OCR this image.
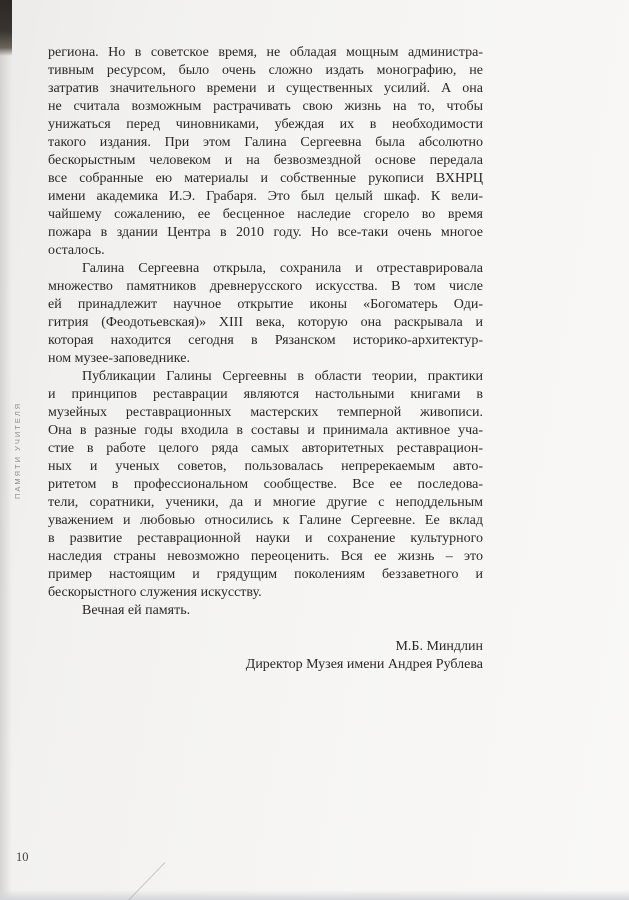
ПАМЯТИ УЧИТЕЛЯ
региона. Но в советское время, не обладая мощным администра-
тивным ресурсом, было очень сложно издать монографию, не
затратив значительного времени и существенных усилий. А она
не считала возможным растрачивать свою жизнь на то, чтобы
унижаться перед чиновниками, убеждая их в необходимости
такого издания. При этом Галина Сергеевна была абсолютно
бескорыстным человеком и на безвозмездной основе передала
все собранные ею материалы и собственные рукописи ВХНРЦ
имени академика И.Э. Грабаря. Это был целый шкаф. К вели-
чайшему сожалению, ее бесценное наследие сгорело во время
пожара в здании Центра в 2010 году. Но все-таки очень многое
осталось.
Галина Сергеевна открыла, сохранила и отреставрировала
множество памятников древнерусского искусства. В том числе
ей принадлежит научное открытие иконы «Богоматерь Оди-
гитрия (Феодотьевская)» XIII века, которую она раскрывала и
которая находится сегодня в Рязанском историко-архитектур-
ном музее-заповеднике.
Публикации Галины Сергеевны в области теории, практики
и принципов реставрации являются настольными книгами в
музейных реставрационных мастерских темперной живописи.
Она в разные годы входила в составы и принимала активное уча-
стие в работе целого ряда самых авторитетных реставрацион-
ных и ученых советов, пользовалась непререкаемым авто-
ритетом в профессиональном сообществе. Все ее последова-
тели, соратники, ученики, да и многие другие с неподдельным
уважением и любовью относились к Галине Сергеевне. Ее вклад
в развитие реставрационной науки и сохранение культурного
наследия страны невозможно переоценить. Вся ее жизнь – это
пример настоящим и грядущим поколениям беззаветного и
бескорыстного служения искусству.
Вечная ей память.
М.Б. Миндлин
Директор Музея имени Андрея Рублева
10
